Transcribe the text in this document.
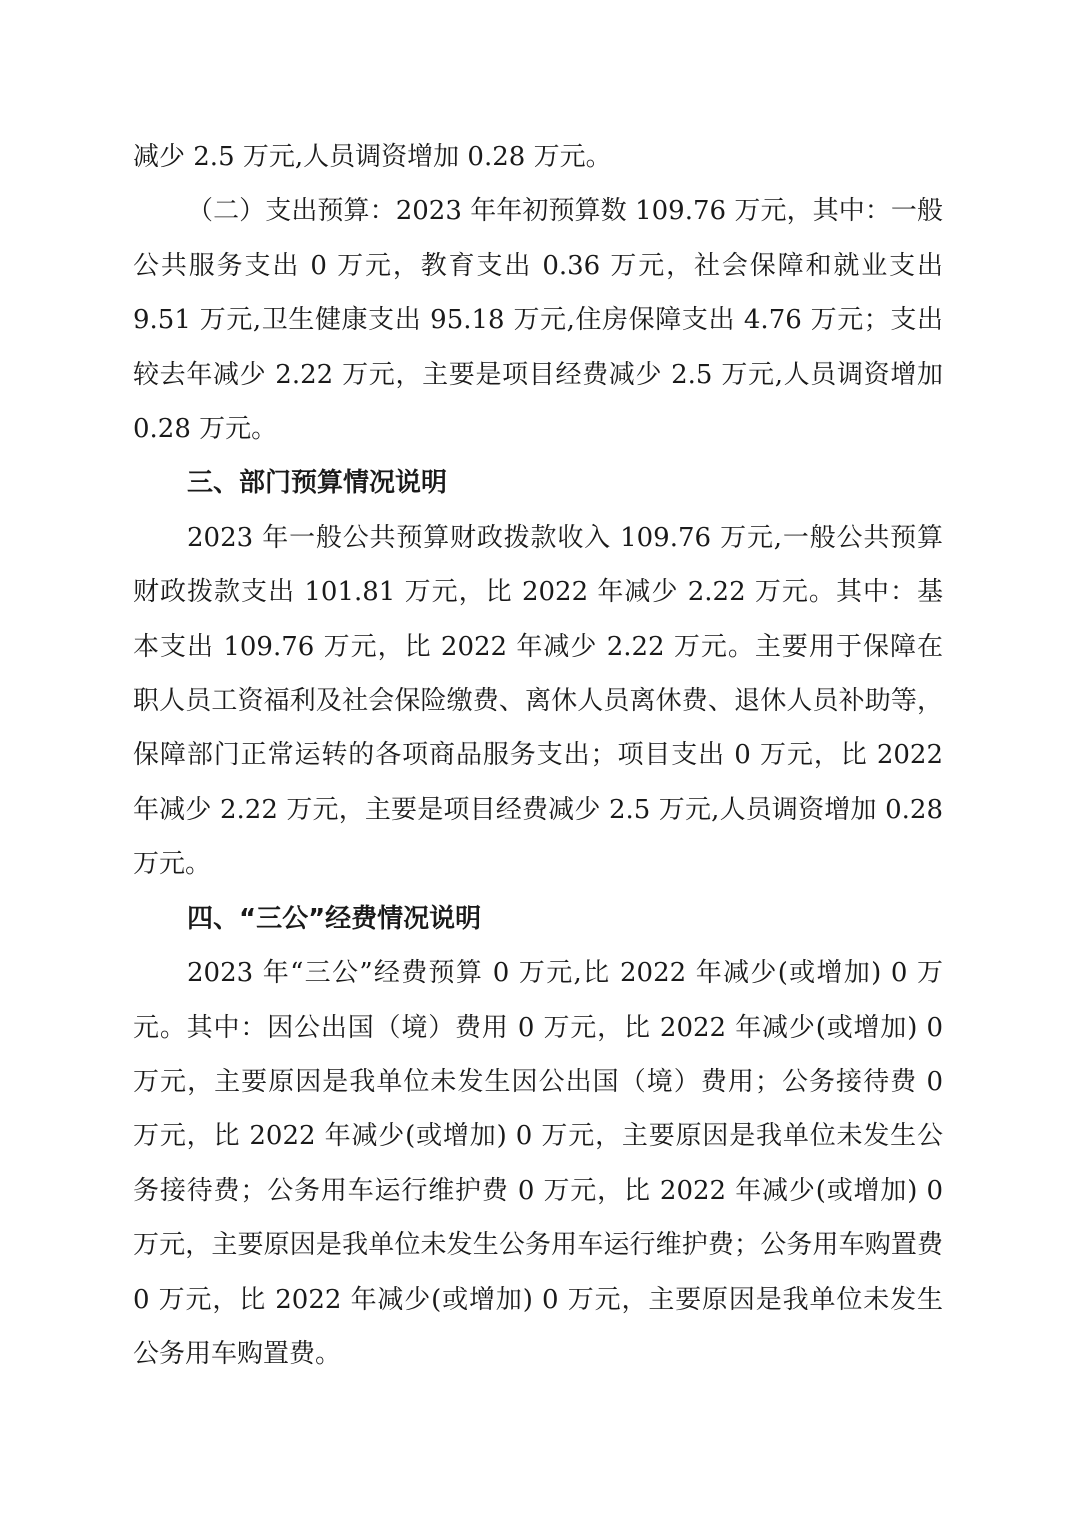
减少 2.5 万元,人员调资增加 0.28 万元。

（二）支出预算：2023 年年初预算数 109.76 万元，其中：一般公共服务支出 0 万元，教育支出 0.36 万元，社会保障和就业支出 9.51 万元,卫生健康支出 95.18 万元,住房保障支出 4.76 万元；支出较去年减少 2.22 万元，主要是项目经费减少 2.5 万元,人员调资增加 0.28 万元。

三、部门预算情况说明

2023 年一般公共预算财政拨款收入 109.76 万元,一般公共预算财政拨款支出 101.81 万元，比 2022 年减少 2.22 万元。其中：基本支出 109.76 万元，比 2022 年减少 2.22 万元。主要用于保障在职人员工资福利及社会保险缴费、离休人员离休费、退休人员补助等，保障部门正常运转的各项商品服务支出；项目支出 0 万元，比 2022 年减少 2.22 万元，主要是项目经费减少 2.5 万元,人员调资增加 0.28 万元。

四、“三公”经费情况说明

2023 年“三公”经费预算 0 万元,比 2022 年减少(或增加) 0 万元。其中：因公出国（境）费用 0 万元，比 2022 年减少(或增加) 0 万元，主要原因是我单位未发生因公出国（境）费用；公务接待费 0 万元，比 2022 年减少(或增加) 0 万元，主要原因是我单位未发生公务接待费；公务用车运行维护费 0 万元，比 2022 年减少(或增加) 0 万元，主要原因是我单位未发生公务用车运行维护费；公务用车购置费 0 万元，比 2022 年减少(或增加) 0 万元，主要原因是我单位未发生公务用车购置费。
